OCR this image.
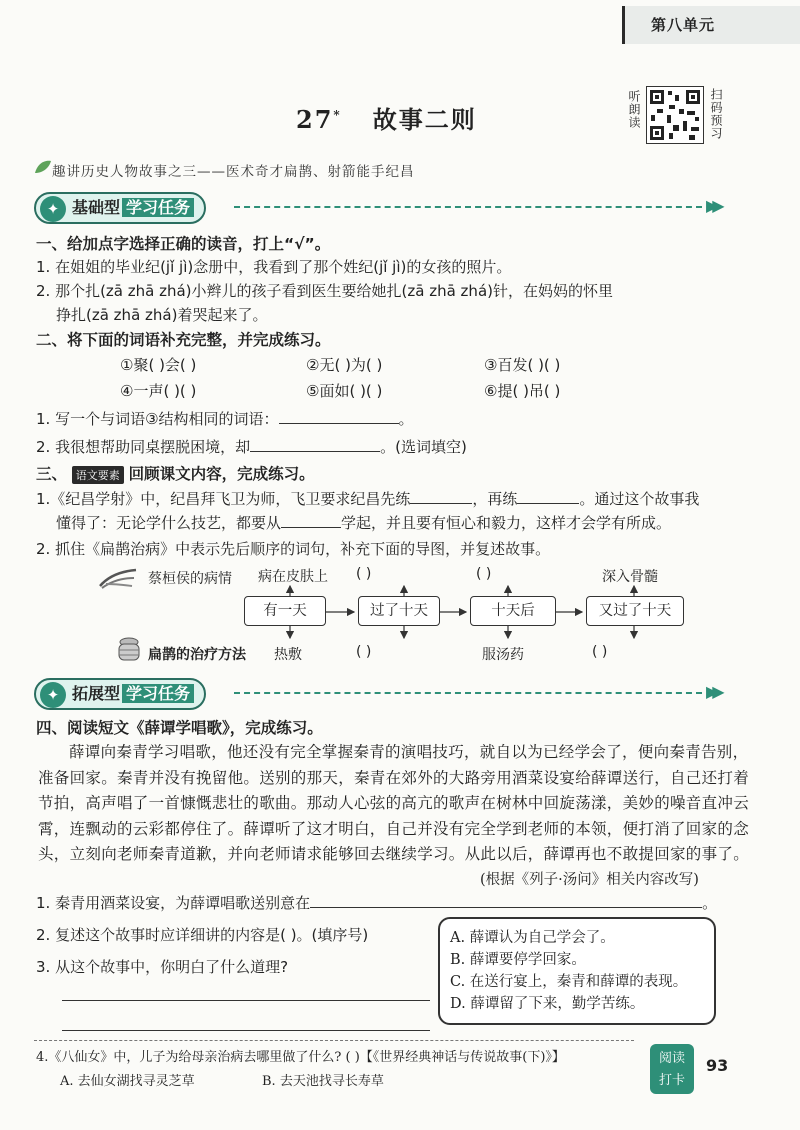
第八单元
27* 故事二则	听朗读	扫码预习
趣讲历史人物故事之三——医术奇才扁鹊、射箭能手纪昌
✦ 基础型 学习任务	▶▶
一、给加点字选择正确的读音，打上“√”。
1. 在姐姐的毕业纪(jǐ jì)念册中，我看到了那个姓纪(jǐ jì)的女孩的照片。
2. 那个扎(zā zhā zhá)小辫儿的孩子看到医生要给她扎(zā zhā zhá)针，在妈妈的怀里
挣扎(zā zhā zhá)着哭起来了。
二、将下面的词语补充完整，并完成练习。
①聚( )会( )	②无( )为( )	③百发( )( )
④一声( )( )	⑤面如( )( )	⑥提( )吊( )
1. 写一个与词语③结构相同的词语：	。
2. 我很想帮助同桌摆脱困境，却	。(选词填空)
三、 语文要素 回顾课文内容，完成练习。
1.《纪昌学射》中，纪昌拜飞卫为师，飞卫要求纪昌先练	，再练	。通过这个故事我
懂得了：无论学什么技艺，都要从	学起，并且要有恒心和毅力，这样才会学有所成。
2. 抓住《扁鹊治病》中表示先后顺序的词句，补充下面的导图，并复述故事。
蔡桓侯的病情 病在皮肤上 ( )	( )	深入骨髓
有一天	过了十天	十天后	又过了十天
扁鹊的治疗方法 热敷	( )	服汤药	( )
✦ 拓展型 学习任务	▶▶
四、阅读短文《薛谭学唱歌》，完成练习。

薛谭向秦青学习唱歌，他还没有完全掌握秦青的演唱技巧，就自以为已经学会了，便向秦青告别，准备回家。秦青并没有挽留他。送别的那天，秦青在郊外的大路旁用酒菜设宴给薛谭送行，自己还打着节拍，高声唱了一首慷慨悲壮的歌曲。那动人心弦的高亢的歌声在树林中回旋荡漾，美妙的噪音直冲云霄，连飘动的云彩都停住了。薛谭听了这才明白，自己并没有完全学到老师的本领，便打消了回家的念头，立刻向老师秦青道歉，并向老师请求能够回去继续学习。从此以后，薛谭再也不敢提回家的事了。

(根据《列子·汤问》相关内容改写)
1. 秦青用酒菜设宴，为薛谭唱歌送别意在	。
2. 复述这个故事时应详细讲的内容是( )。(填序号)
3. 从这个故事中，你明白了什么道理?
A. 薛谭认为自己学会了。
B. 薛谭要停学回家。
C. 在送行宴上，秦青和薛谭的表现。
D. 薛谭留了下来，勤学苦练。
4.《八仙女》中，儿子为给母亲治病去哪里做了什么? ( )【《世界经典神话与传说故事(下)》】
A. 去仙女湖找寻灵芝草	B. 去天池找寻长寿草
阅读
打卡
93
